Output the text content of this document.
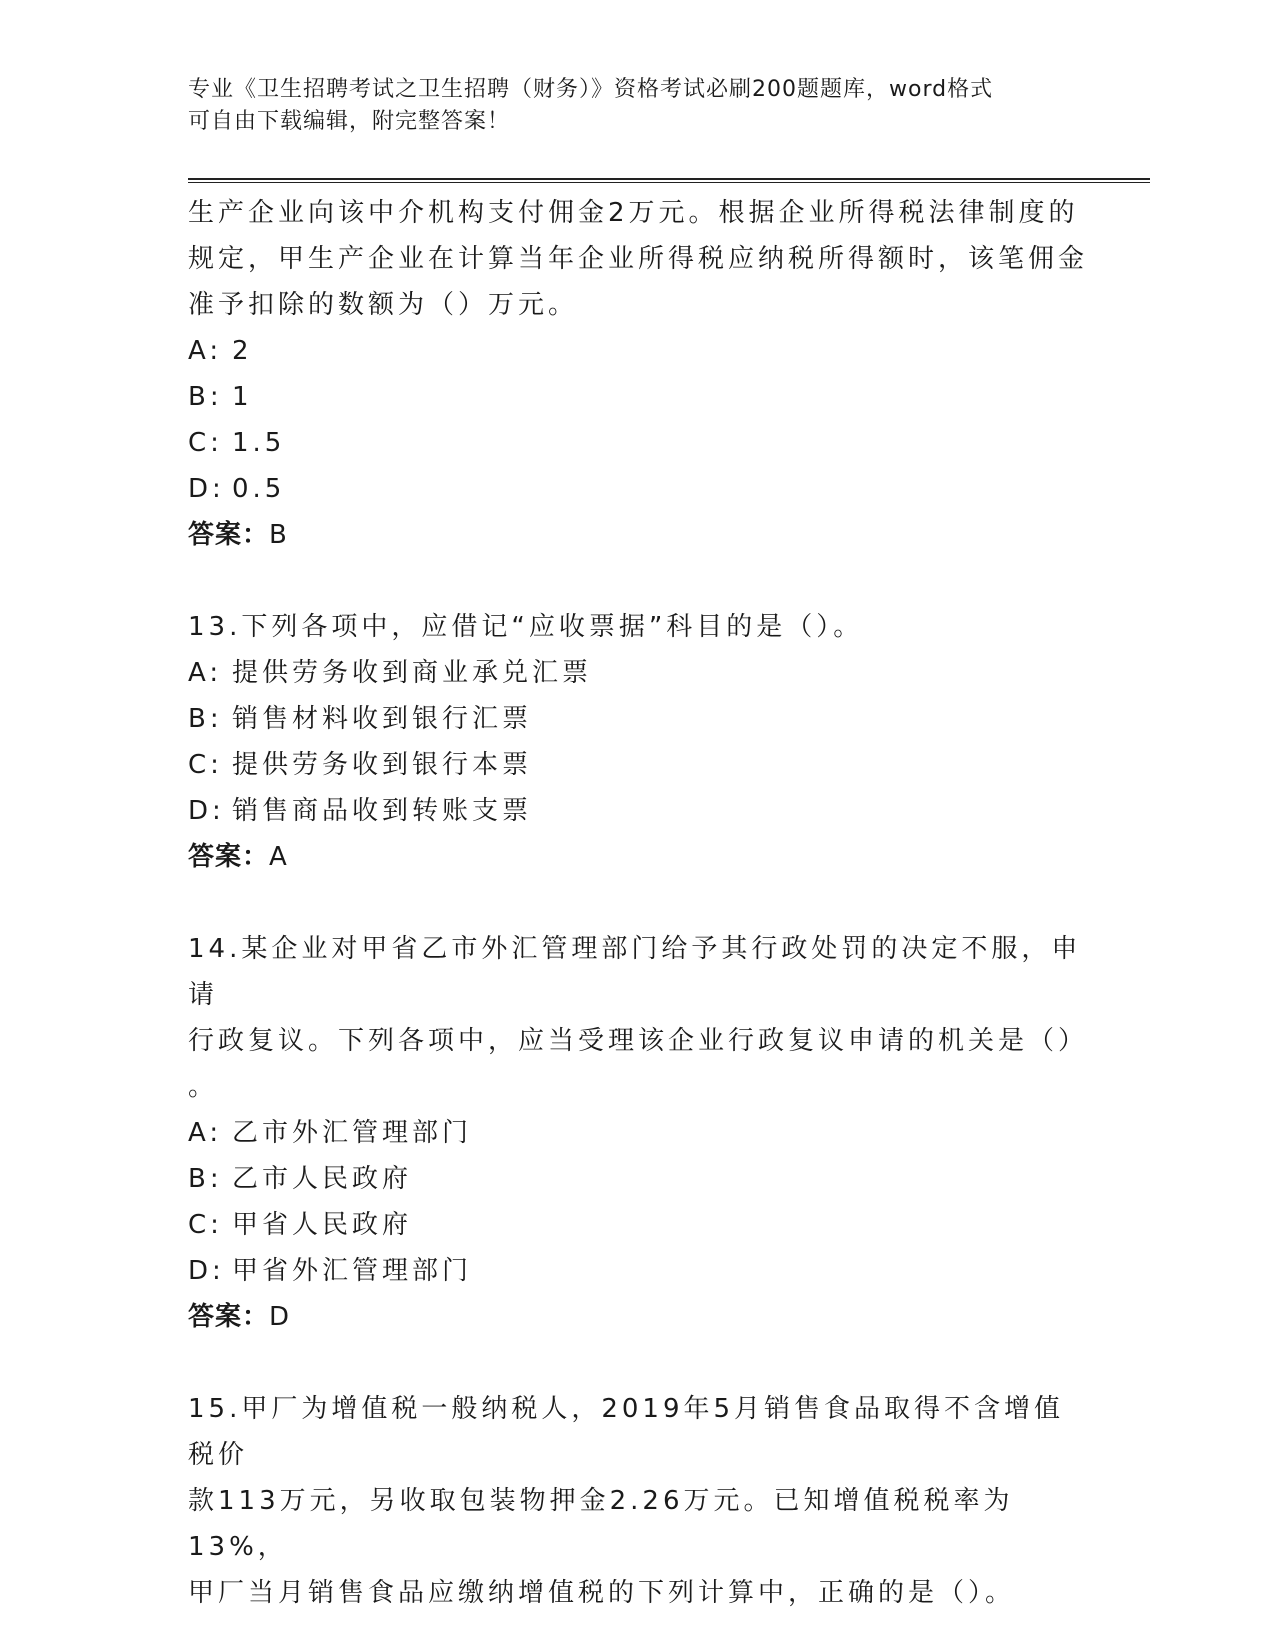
专业《卫生招聘考试之卫生招聘（财务）》资格考试必刷200题题库，word格式
可自由下载编辑，附完整答案！

生产企业向该中介机构支付佣金2万元。根据企业所得税法律制度的

规定，甲生产企业在计算当年企业所得税应纳税所得额时，该笔佣金

准予扣除的数额为（）万元。

A: 2

B: 1

C: 1.5

D: 0.5

答案：B

13.下列各项中，应借记“应收票据”科目的是（）。

A: 提供劳务收到商业承兑汇票

B: 销售材料收到银行汇票

C: 提供劳务收到银行本票

D: 销售商品收到转账支票

答案：A

14.某企业对甲省乙市外汇管理部门给予其行政处罚的决定不服，申请

行政复议。下列各项中，应当受理该企业行政复议申请的机关是（）

。

A: 乙市外汇管理部门

B: 乙市人民政府

C: 甲省人民政府

D: 甲省外汇管理部门

答案：D

15.甲厂为增值税一般纳税人，2019年5月销售食品取得不含增值税价

款113万元，另收取包装物押金2.26万元。已知增值税税率为13%，

甲厂当月销售食品应缴纳增值税的下列计算中，正确的是（）。
